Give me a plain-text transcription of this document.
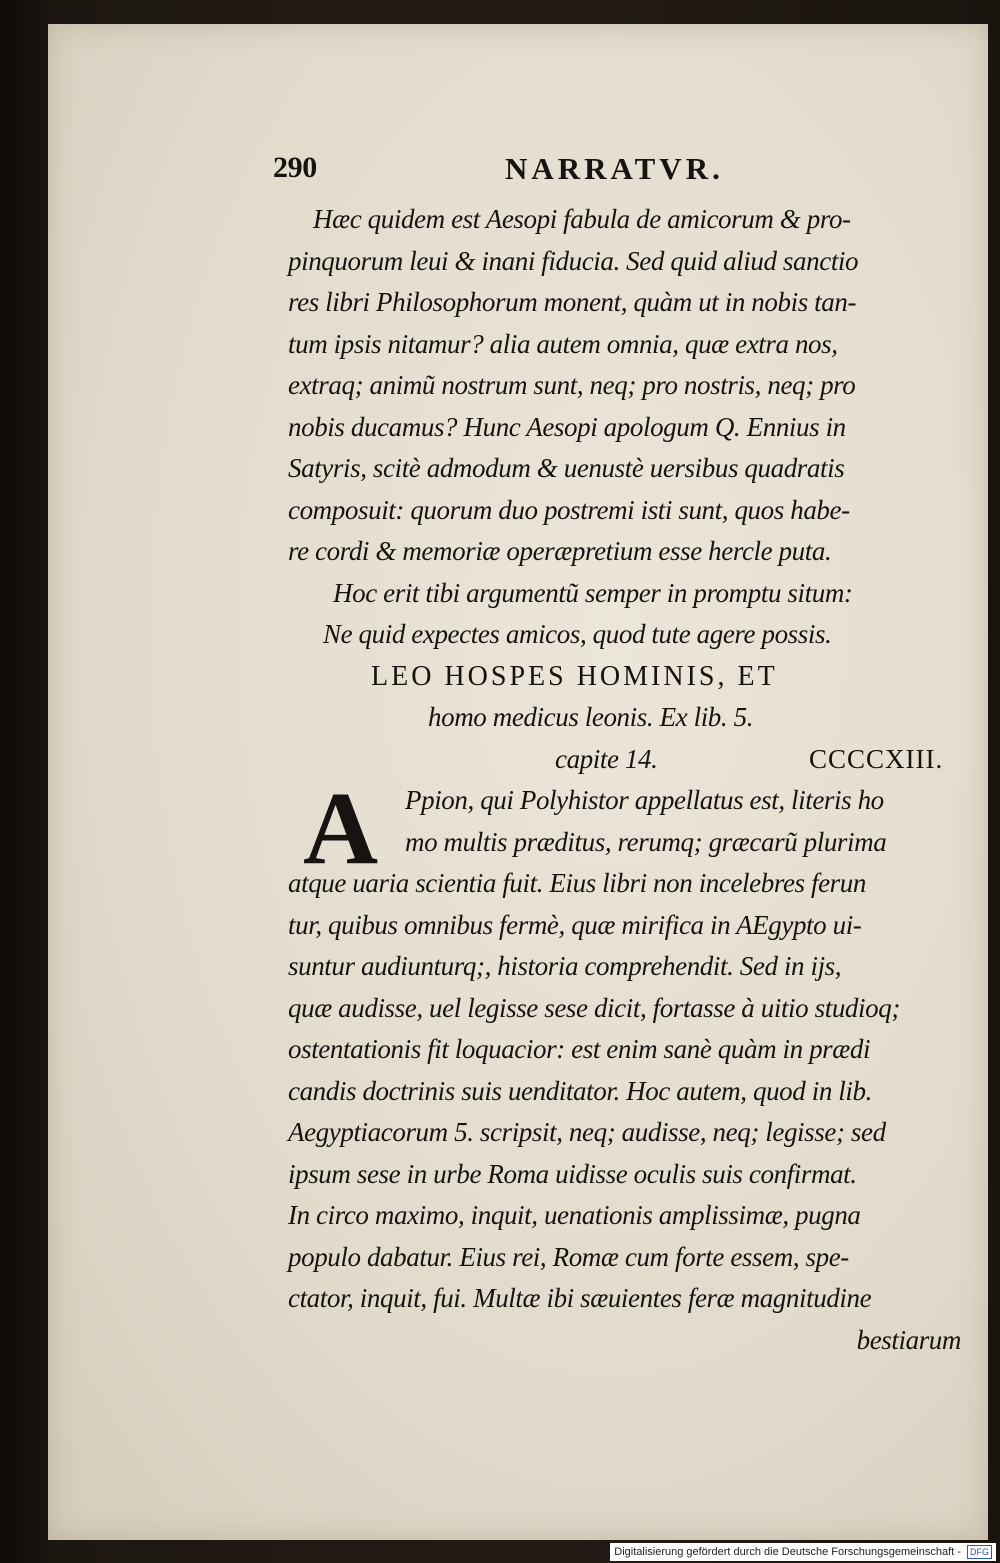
290	NARRATVR.
Hæc quidem est Aesopi fabula de amicorum & pro-
pinquorum leui & inani fiducia. Sed quid aliud sanctio
res libri Philosophorum monent, quàm ut in nobis tan-
tum ipsis nitamur? alia autem omnia, quæ extra nos,
extraq; animũ nostrum sunt, neq; pro nostris, neq; pro
nobis ducamus? Hunc Aesopi apologum Q. Ennius in
Satyris, scitè admodum & uenustè uersibus quadratis
composuit: quorum duo postremi isti sunt, quos habe-
re cordi & memoriæ operæpretium esse hercle puta.
Hoc erit tibi argumentũ semper in promptu situm:
Ne quid expectes amicos, quod tute agere possis.
LEO HOSPES HOMINIS, ET
homo medicus leonis. Ex lib. 5.
capite 14.	CCCCXIII.
A	Ppion, qui Polyhistor appellatus est, literis ho
mo multis præditus, rerumq; græcarũ plurima
atque uaria scientia fuit. Eius libri non incelebres ferun
tur, quibus omnibus fermè, quæ mirifica in AEgypto ui-
suntur audiunturq;, historia comprehendit. Sed in ijs,
quæ audisse, uel legisse sese dicit, fortasse à uitio studioq;
ostentationis fit loquacior: est enim sanè quàm in prædi
candis doctrinis suis uenditator. Hoc autem, quod in lib.
Aegyptiacorum 5. scripsit, neq; audisse, neq; legisse; sed
ipsum sese in urbe Roma uidisse oculis suis confirmat.
In circo maximo, inquit, uenationis amplissimæ, pugna
populo dabatur. Eius rei, Romæ cum forte essem, spe-
ctator, inquit, fui. Multæ ibi sæuientes feræ magnitudine
bestiarum
Digitalisierung gefördert durch die Deutsche Forschungsgemeinschaft - DFG
